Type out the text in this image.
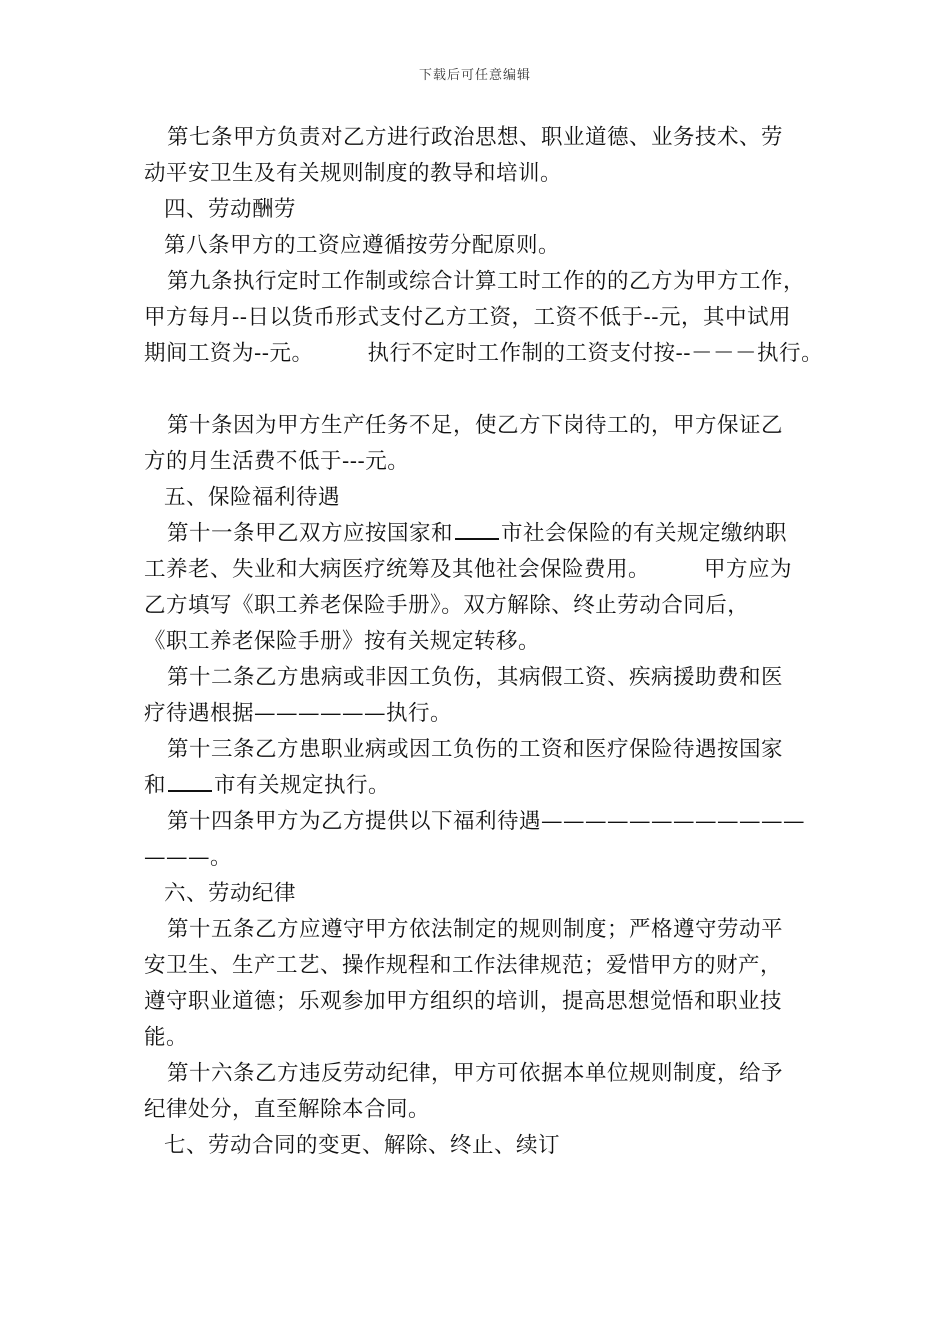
下载后可任意编辑
第七条甲方负责对乙方进行政治思想、职业道德、业务技术、劳
动平安卫生及有关规则制度的教导和培训。
四、劳动酬劳
第八条甲方的工资应遵循按劳分配原则。
第九条执行定时工作制或综合计算工时工作的的乙方为甲方工作，
甲方每月--日以货币形式支付乙方工资，工资不低于--元，其中试用
期间工资为--元。	执行不定时工作制的工资支付按--－－－执行。
第十条因为甲方生产任务不足，使乙方下岗待工的，甲方保证乙
方的月生活费不低于---元。
五、保险福利待遇
第十一条甲乙双方应按国家和 市社会保险的有关规定缴纳职
工养老、失业和大病医疗统筹及其他社会保险费用。	甲方应为
乙方填写《职工养老保险手册》。双方解除、终止劳动合同后，
《职工养老保险手册》按有关规定转移。
第十二条乙方患病或非因工负伤，其病假工资、疾病援助费和医
疗待遇根据——————执行。
第十三条乙方患职业病或因工负伤的工资和医疗保险待遇按国家
和 市有关规定执行。
第十四条甲方为乙方提供以下福利待遇————————————
———。
六、劳动纪律
第十五条乙方应遵守甲方依法制定的规则制度；严格遵守劳动平
安卫生、生产工艺、操作规程和工作法律规范；爱惜甲方的财产，
遵守职业道德；乐观参加甲方组织的培训，提高思想觉悟和职业技
能。
第十六条乙方违反劳动纪律，甲方可依据本单位规则制度，给予
纪律处分，直至解除本合同。
七、劳动合同的变更、解除、终止、续订
